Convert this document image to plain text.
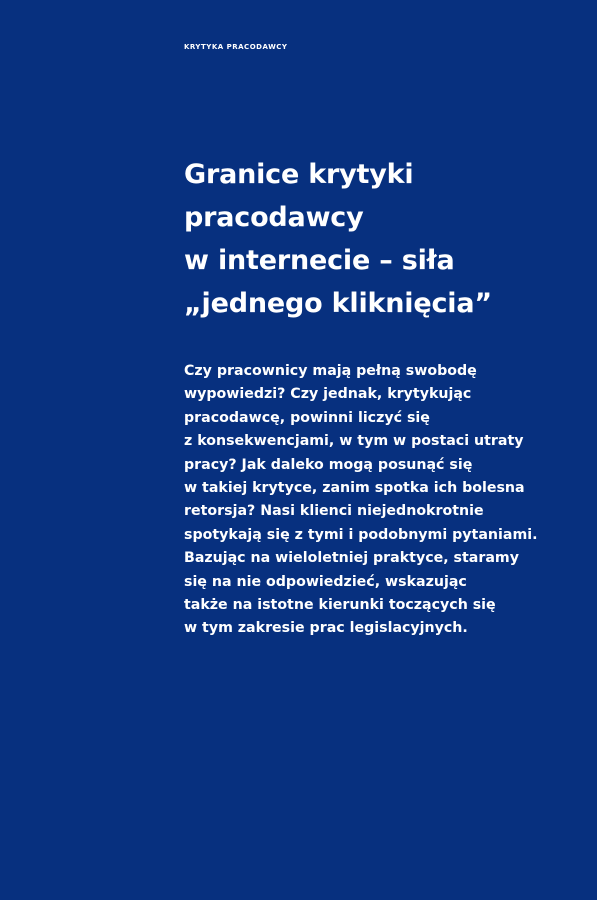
KRYTYKA PRACODAWCY
Granice krytyki
pracodawcy
w internecie – siła
„jednego kliknięcia”

Czy pracownicy mają pełną swobodę
wypowiedzi? Czy jednak, krytykując
pracodawcę, powinni liczyć się
z konsekwencjami, w tym w postaci utraty
pracy? Jak daleko mogą posunąć się
w takiej krytyce, zanim spotka ich bolesna
retorsja? Nasi klienci niejednokrotnie
spotykają się z tymi i podobnymi pytaniami.
Bazując na wieloletniej praktyce, staramy
się na nie odpowiedzieć, wskazując
także na istotne kierunki toczących się
w tym zakresie prac legislacyjnych.
